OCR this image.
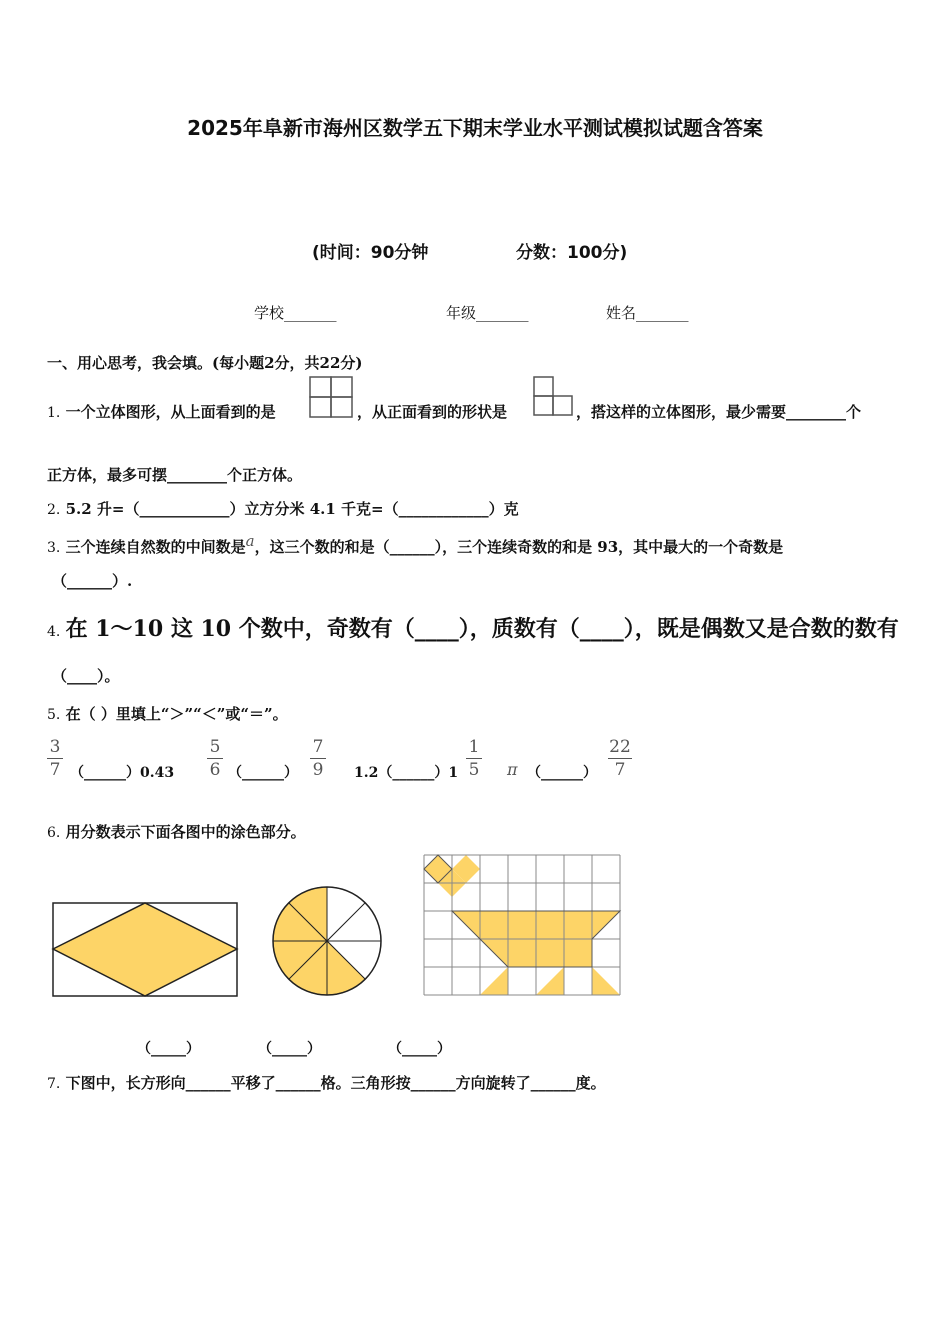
2025年阜新市海州区数学五下期末学业水平测试模拟试题含答案
(时间：90分钟	分数：100分)
学校_______	年级_______	姓名_______
一、用心思考，我会填。(每小题2分，共22分)
1. 一个立体图形，从上面看到的是	，从正面看到的形状是	，搭这样的立体图形，最少需要________个
正方体，最多可摆________个正方体。
2. 5.2 升=（____________）立方分米 4.1 千克=（____________）克
3. 三个连续自然数的中间数是a，这三个数的和是（______），三个连续奇数的和是 93，其中最大的一个奇数是
（______）.
4. 在 1～10 这 10 个数中，奇数有（____），质数有（____），既是偶数又是合数的数有
（____）。
5. 在（ ）里填上“＞”“＜”或“＝”。
3
7 （______）0.43
5
6 （______）
7
9 1.2（______）1
1
5 π （______）
22
7
6. 用分数表示下面各图中的涂色部分。
（_____）	（_____）	（_____）
7. 下图中，长方形向______平移了______格。三角形按______方向旋转了______度。
